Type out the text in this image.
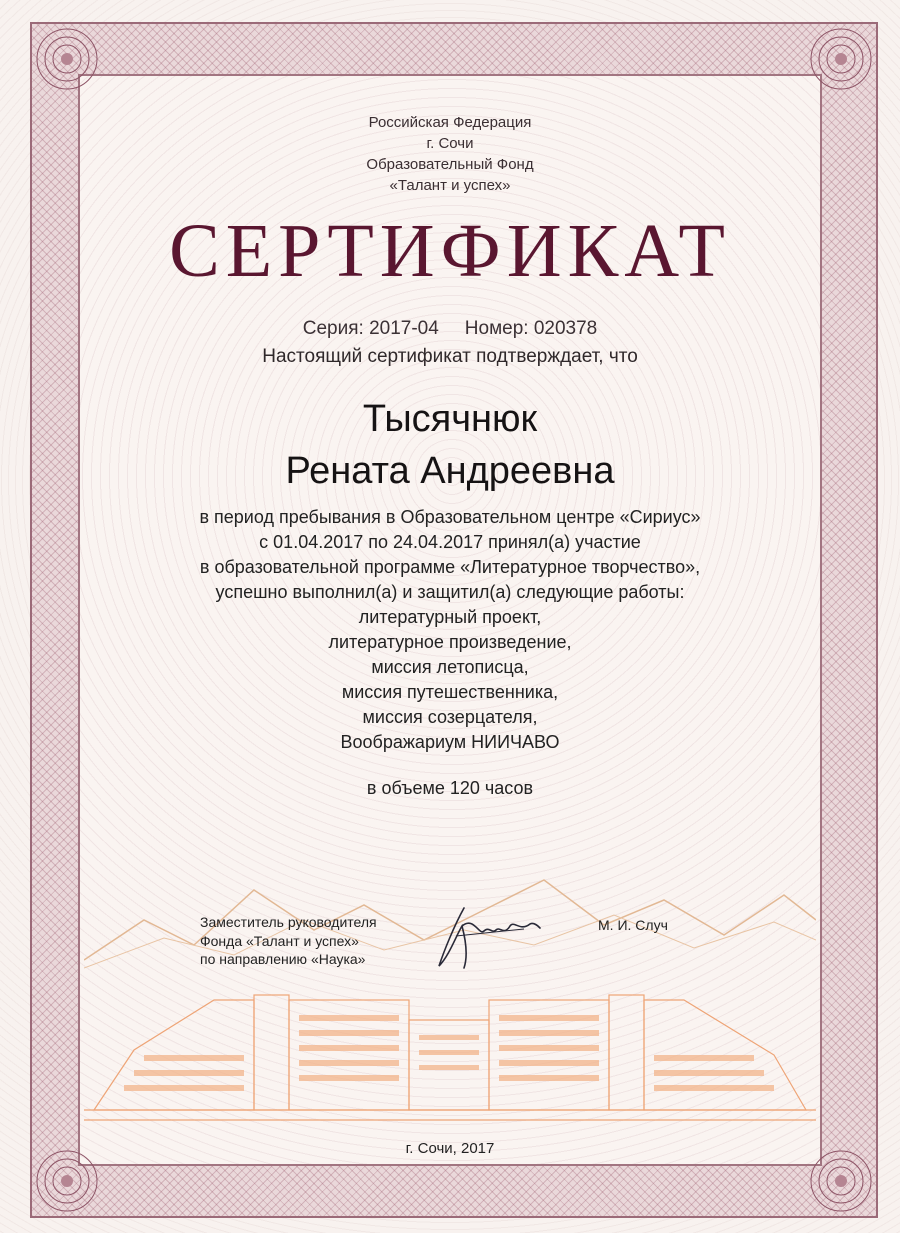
Российская Федерация
г. Сочи
Образовательный Фонд
«Талант и успех»
СЕРТИФИКАТ
Серия: 2017-04 Номер: 020378
Настоящий сертификат подтверждает, что
Тысячнюк
Рената Андреевна
в период пребывания в Образовательном центре «Сириус»
с 01.04.2017 по 24.04.2017 принял(а) участие
в образовательной программе «Литературное творчество»,
успешно выполнил(а) и защитил(а) следующие работы:
литературный проект,
литературное произведение,
миссия летописца,
миссия путешественника,
миссия созерцателя,
Воображариум НИИЧАВО
в объеме 120 часов
Заместитель руководителя
Фонда «Талант и успех»
по направлению «Наука»
М. И. Случ
г. Сочи, 2017
